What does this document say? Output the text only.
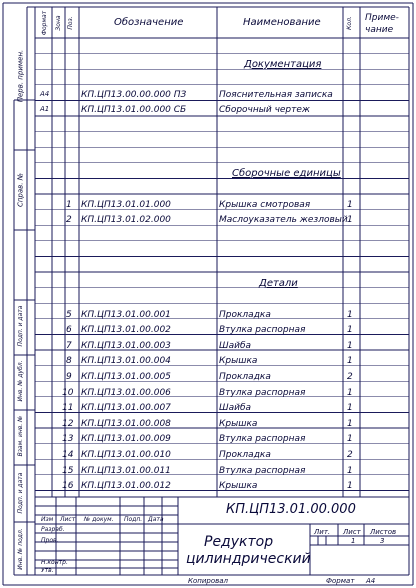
Перв. примен.
Справ. №
Подп. и дата
Инв. № дубл.
Взам. инв. №
Подп. и дата
Инв. № подл.
Формат Зона Поз.	Обозначение	Наименование	Кол. Приме-
чание
Документация
Сборочные единицы
Детали
А4	КП.ЦП13.00.00.000 ПЗ	Пояснительная записка
А1	КП.ЦП13.01.00.000 СБ	Сборочный чертеж
1 КП.ЦП13.01.01.000	Крышка смотровая	1
2 КП.ЦП13.01.02.000	Маслоуказатель жезловый 1
5 КП.ЦП13.01.00.001	Прокладка	1
6 КП.ЦП13.01.00.002	Втулка распорная	1
7 КП.ЦП13.01.00.003	Шайба	1
8 КП.ЦП13.01.00.004	Крышка	1
9 КП.ЦП13.01.00.005	Прокладка	2
10 КП.ЦП13.01.00.006	Втулка распорная	1
11 КП.ЦП13.01.00.007	Шайба	1
12 КП.ЦП13.01.00.008	Крышка	1
13 КП.ЦП13.01.00.009	Втулка распорная	1
14 КП.ЦП13.01.00.010	Прокладка	2
15 КП.ЦП13.01.00.011	Втулка распорная	1
16 КП.ЦП13.01.00.012	Крышка	1
Изм Лист № докум. Подп. Дата
Разраб.
Пров.
Н.контр.
Утв.
КП.ЦП13.01.00.000
Редуктор
цилиндрический
Лит. Лист Листов
1	3
Копировал	Формат А4
